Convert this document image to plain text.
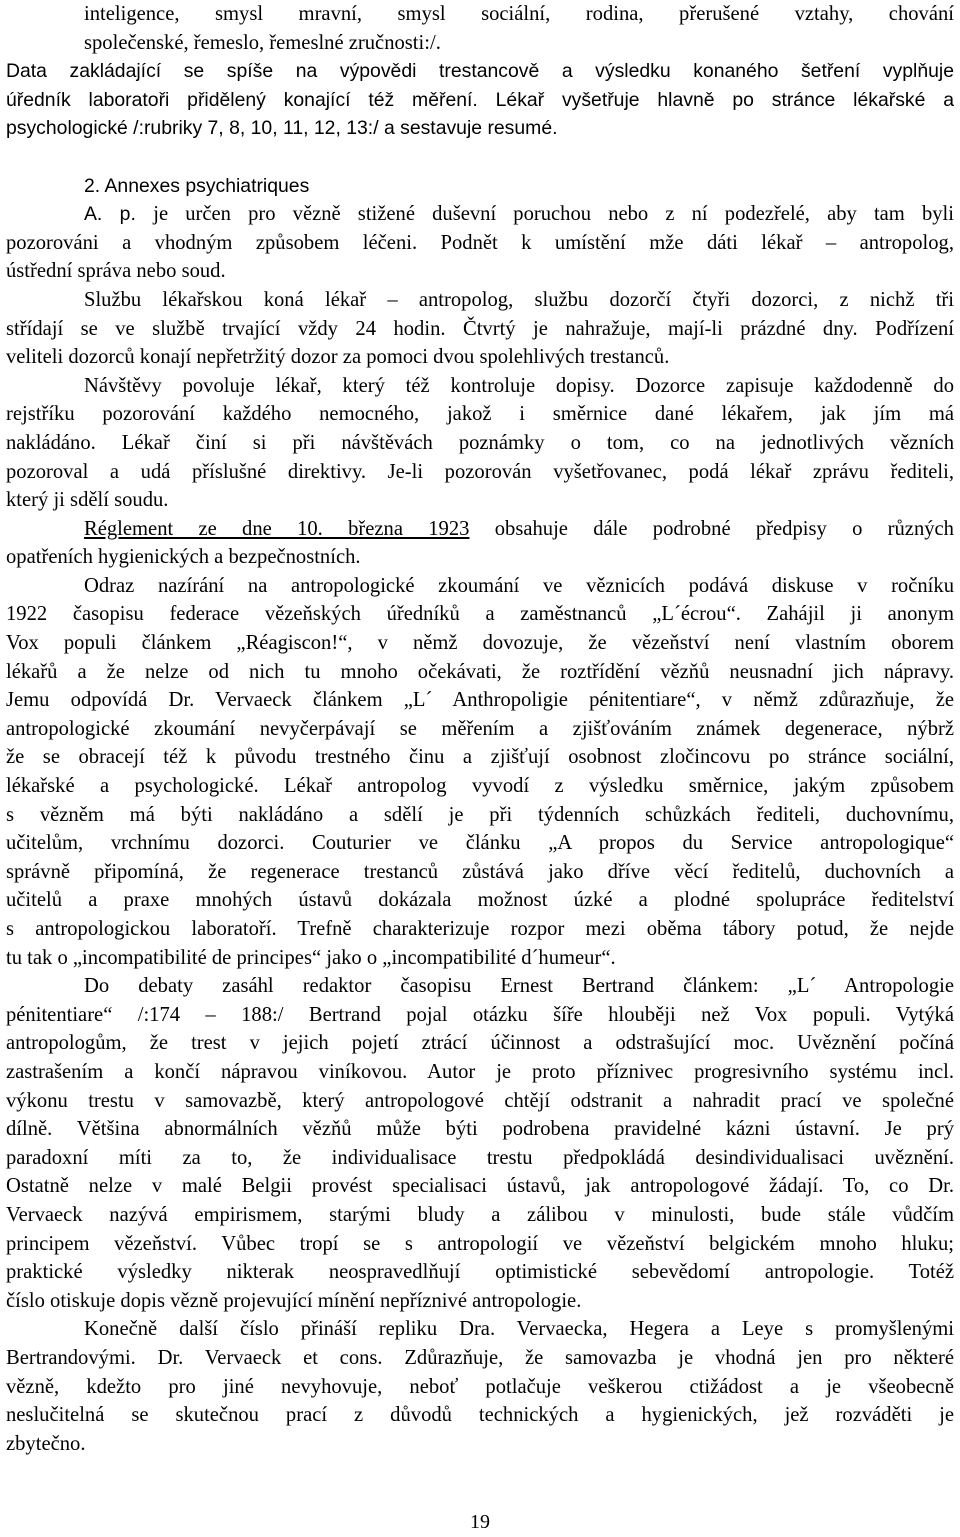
inteligence, smysl mravní, smysl sociální, rodina, přerušené vztahy, chování
společenské, řemeslo, řemeslné zručnosti:/.
Data zakládající se spíše na výpovědi trestancově a výsledku konaného šetření vyplňuje
úředník laboratoři přidělený konající též měření. Lékař vyšetřuje hlavně po stránce lékařské a
psychologické /:rubriky 7, 8, 10, 11, 12, 13:/ a sestavuje resumé.
2. Annexes psychiatriques
A. p. je určen pro vězně stižené duševní poruchou nebo z ní podezřelé, aby tam byli
pozorováni a vhodným způsobem léčeni. Podnět k umístění mže dáti lékař – antropolog,
ústřední správa nebo soud.
Službu lékařskou koná lékař – antropolog, službu dozorčí čtyři dozorci, z nichž tři
střídají se ve službě trvající vždy 24 hodin. Čtvrtý je nahražuje, mají-li prázdné dny. Podřízení
veliteli dozorců konají nepřetržitý dozor za pomoci dvou spolehlivých trestanců.
Návštěvy povoluje lékař, který též kontroluje dopisy. Dozorce zapisuje každodenně do
rejstříku pozorování každého nemocného, jakož i směrnice dané lékařem, jak jím má
nakládáno. Lékař činí si při návštěvách poznámky o tom, co na jednotlivých vězních
pozoroval a udá příslušné direktivy. Je-li pozorován vyšetřovanec, podá lékař zprávu řediteli,
který ji sdělí soudu.
Réglement ze dne 10. března 1923 obsahuje dále podrobné předpisy o různých
opatřeních hygienických a bezpečnostních.
Odraz nazírání na antropologické zkoumání ve věznicích podává diskuse v ročníku
1922 časopisu federace vězeňských úředníků a zaměstnanců „L´écrou“. Zahájil ji anonym
Vox populi článkem „Réagiscon!“, v němž dovozuje, že vězeňství není vlastním oborem
lékařů a že nelze od nich tu mnoho očekávati, že roztřídění vězňů neusnadní jich nápravy.
Jemu odpovídá Dr. Vervaeck článkem „L´ Anthropoligie pénitentiare“, v němž zdůrazňuje, že
antropologické zkoumání nevyčerpávají se měřením a zjišťováním známek degenerace, nýbrž
že se obracejí též k původu trestného činu a zjišťují osobnost zločincovu po stránce sociální,
lékařské a psychologické. Lékař antropolog vyvodí z výsledku směrnice, jakým způsobem
s vězněm má býti nakládáno a sdělí je při týdenních schůzkách řediteli, duchovnímu,
učitelům, vrchnímu dozorci. Couturier ve článku „A propos du Service antropologique“
správně připomíná, že regenerace trestanců zůstává jako dříve věcí ředitelů, duchovních a
učitelů a praxe mnohých ústavů dokázala možnost úzké a plodné spolupráce ředitelství
s antropologickou laboratoří. Trefně charakterizuje rozpor mezi oběma tábory potud, že nejde
tu tak o „incompatibilité de principes“ jako o „incompatibilité d´humeur“.
Do debaty zasáhl redaktor časopisu Ernest Bertrand článkem: „L´ Antropologie
pénitentiare“ /:174 – 188:/ Bertrand pojal otázku šíře hlouběji než Vox populi. Vytýká
antropologům, že trest v jejich pojetí ztrácí účinnost a odstrašující moc. Uvěznění počíná
zastrašením a končí nápravou viníkovou. Autor je proto příznivec progresivního systému incl.
výkonu trestu v samovazbě, který antropologové chtějí odstranit a nahradit prací ve společné
dílně. Většina abnormálních vězňů může býti podrobena pravidelné kázni ústavní. Je prý
paradoxní míti za to, že individualisace trestu předpokládá desindividualisaci uvěznění.
Ostatně nelze v malé Belgii provést specialisaci ústavů, jak antropologové žádají. To, co Dr.
Vervaeck nazývá empirismem, starými bludy a zálibou v minulosti, bude stále vůdčím
principem vězeňství. Vůbec tropí se s antropologií ve vězeňství belgickém mnoho hluku;
praktické výsledky nikterak neospravedlňují optimistické sebevědomí antropologie. Totéž
číslo otiskuje dopis vězně projevující mínění nepříznivé antropologie.
Konečně další číslo přináší repliku Dra. Vervaecka, Hegera a Leye s promyšlenými
Bertrandovými. Dr. Vervaeck et cons. Zdůrazňuje, že samovazba je vhodná jen pro některé
vězně, kdežto pro jiné nevyhovuje, neboť potlačuje veškerou ctižádost a je všeobecně
neslučitelná se skutečnou prací z důvodů technických a hygienických, jež rozváděti je
zbytečno.
19
